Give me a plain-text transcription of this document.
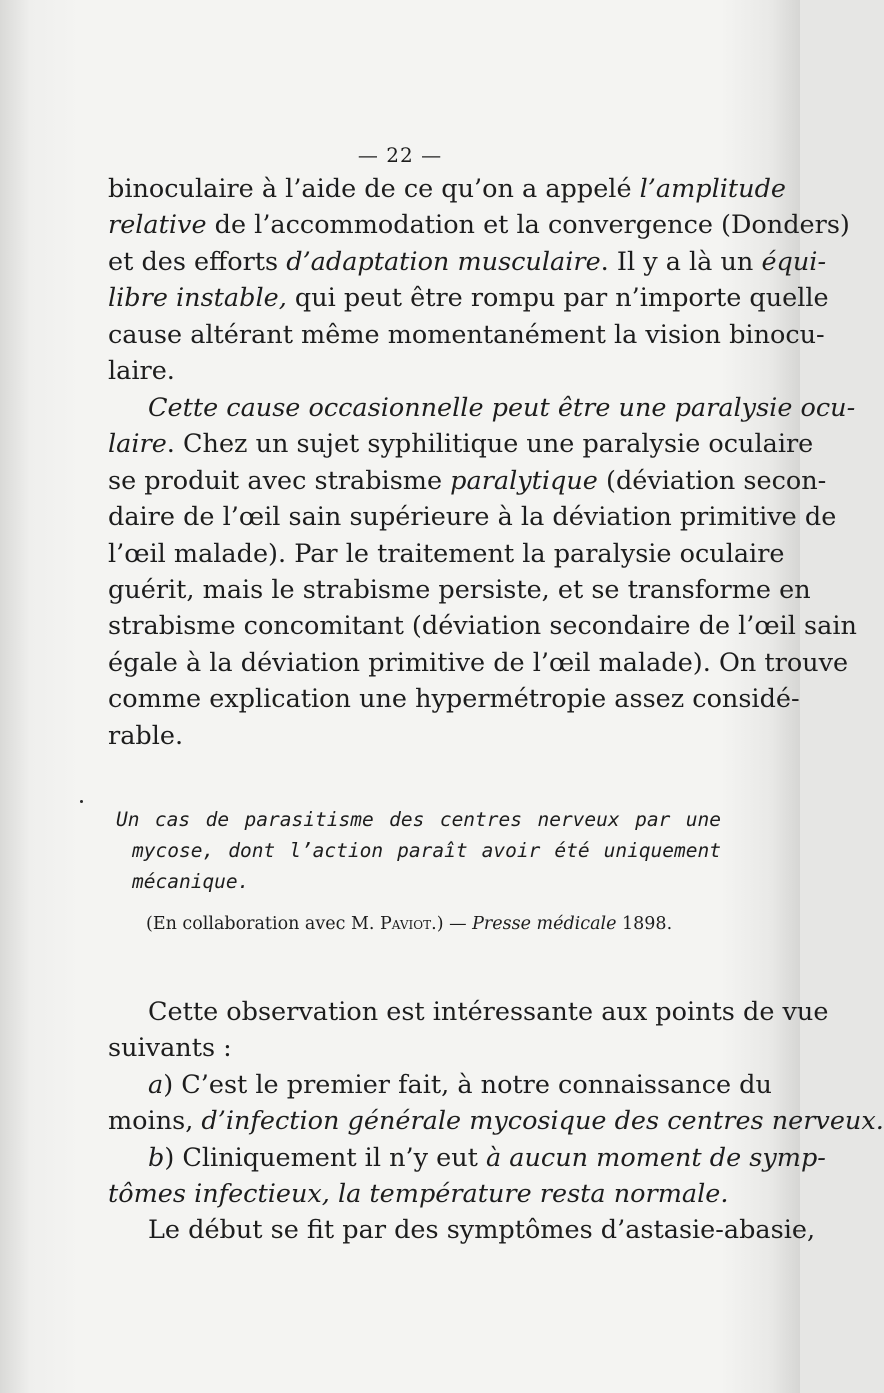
— 22 —
binoculaire à l’aide de ce qu’on a appelé l’amplitude
relative de l’accommodation et la convergence (Donders)
et des efforts d’adaptation musculaire. Il y a là un équi-
libre instable, qui peut être rompu par n’importe quelle
cause altérant même momentanément la vision binocu-
laire.
Cette cause occasionnelle peut être une paralysie ocu-
laire. Chez un sujet syphilitique une paralysie oculaire
se produit avec strabisme paralytique (déviation secon-
daire de l’œil sain supérieure à la déviation primitive de
l’œil malade). Par le traitement la paralysie oculaire
guérit, mais le strabisme persiste, et se transforme en
strabisme concomitant (déviation secondaire de l’œil sain
égale à la déviation primitive de l’œil malade). On trouve
comme explication une hypermétropie assez considé-
rable.
Un cas de parasitisme des centres nerveux par une
mycose, dont l’action paraît avoir été uniquement
mécanique.
(En collaboration avec M. Paviot.) — Presse médicale 1898.
Cette observation est intéressante aux points de vue
suivants :
a) C’est le premier fait, à notre connaissance du
moins, d’infection générale mycosique des centres nerveux.
b) Cliniquement il n’y eut à aucun moment de symp-
tômes infectieux, la température resta normale.
Le début se fit par des symptômes d’astasie-abasie,
